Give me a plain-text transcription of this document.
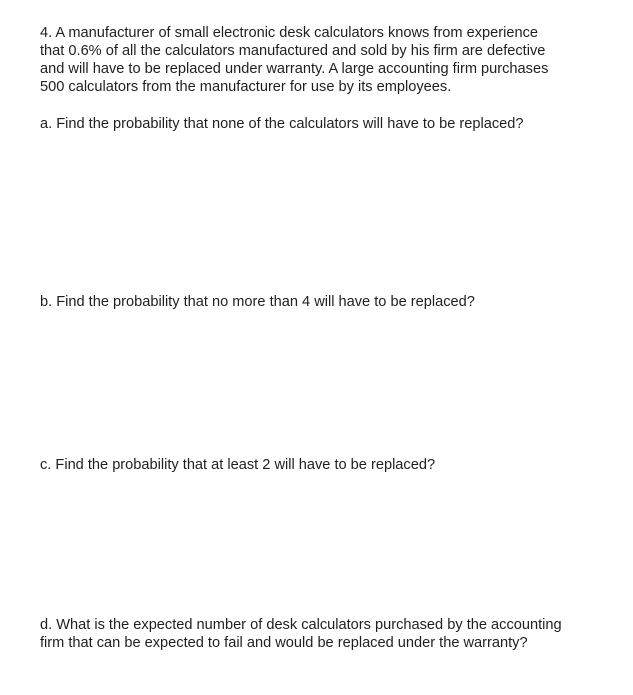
4. A manufacturer of small electronic desk calculators knows from experience
that 0.6% of all the calculators manufactured and sold by his firm are defective
and will have to be replaced under warranty. A large accounting firm purchases
500 calculators from the manufacturer for use by its employees.

a. Find the probability that none of the calculators will have to be replaced?

b. Find the probability that no more than 4 will have to be replaced?

c. Find the probability that at least 2 will have to be replaced?

d. What is the expected number of desk calculators purchased by the accounting
firm that can be expected to fail and would be replaced under the warranty?
